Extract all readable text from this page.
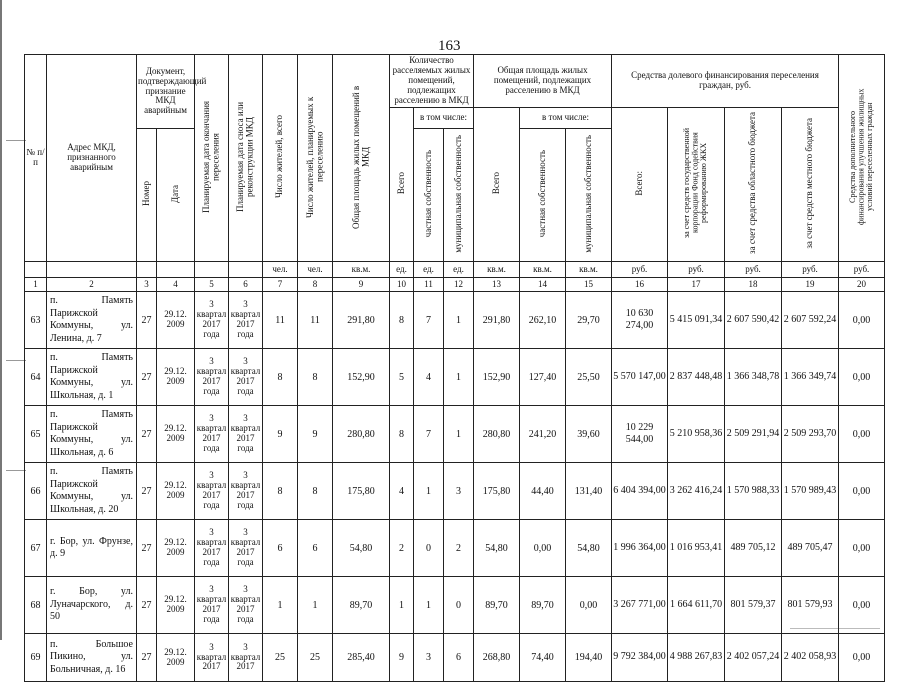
163
№ п/п	Адрес МКД, признанного аварийным	Документ, подтверждающий признание МКД аварийным		Планируемая дата окончания переселения	Планируемая дата сноса или реконструкции МКД	Число жителей, всего	Число жителей, планируемых к переселению	Общая площадь жилых помещений в МКД	Количество расселяемых жилых помещений, подлежащих расселению в МКД			Общая площадь жилых помещений, подлежащих расселению в МКД			Средства долевого финансирования переселения граждан, руб.				Средства дополнительного финансирования улучшения жилищных условий переселенных граждан
									Всего	в том числе:		Всего	в том числе:		Всего:	за счет средств государственной корпорации Фонд содействия реформированию ЖКХ	за счет средства областного бюджета	за счет средств местного бюджета	
		Номер	Дата							частная собственность	муниципальная собственность		частная собственность	муниципальная собственность					

						чел.	чел.	кв.м.	ед.	ед.	ед.	кв.м.	кв.м.	кв.м.	руб.	руб.	руб.	руб.	руб.
1	2	3	4	5	6	7	8	9	10	11	12	13	14	15	16	17	18	19	20
63	п. Память Парижской Коммуны, ул. Ленина, д. 7	27	29.12. 2009	3 квартал 2017 года	3 квартал 2017 года	11	11	291,80	8	7	1	291,80	262,10	29,70	10 630 274,00	5 415 091,34	2 607 590,42	2 607 592,24	0,00
64	п. Память Парижской Коммуны, ул. Школьная, д. 1	27	29.12. 2009	3 квартал 2017 года	3 квартал 2017 года	8	8	152,90	5	4	1	152,90	127,40	25,50	5 570 147,00	2 837 448,48	1 366 348,78	1 366 349,74	0,00
65	п. Память Парижской Коммуны, ул. Школьная, д. 6	27	29.12. 2009	3 квартал 2017 года	3 квартал 2017 года	9	9	280,80	8	7	1	280,80	241,20	39,60	10 229 544,00	5 210 958,36	2 509 291,94	2 509 293,70	0,00
66	п. Память Парижской Коммуны, ул. Школьная, д. 20	27	29.12. 2009	3 квартал 2017 года	3 квартал 2017 года	8	8	175,80	4	1	3	175,80	44,40	131,40	6 404 394,00	3 262 416,24	1 570 988,33	1 570 989,43	0,00
67	г. Бор, ул. Фрунзе, д. 9	27	29.12. 2009	3 квартал 2017 года	3 квартал 2017 года	6	6	54,80	2	0	2	54,80	0,00	54,80	1 996 364,00	1 016 953,41	489 705,12	489 705,47	0,00
68	г. Бор, ул. Луначарского, д. 50	27	29.12. 2009	3 квартал 2017 года	3 квартал 2017 года	1	1	89,70	1	1	0	89,70	89,70	0,00	3 267 771,00	1 664 611,70	801 579,37	801 579,93	0,00
69	п. Большое Пикино, ул. Больничная, д. 16	27	29.12. 2009	3 квартал 2017	3 квартал 2017	25	25	285,40	9	3	6	268,80	74,40	194,40	9 792 384,00	4 988 267,83	2 402 057,24	2 402 058,93	0,00
